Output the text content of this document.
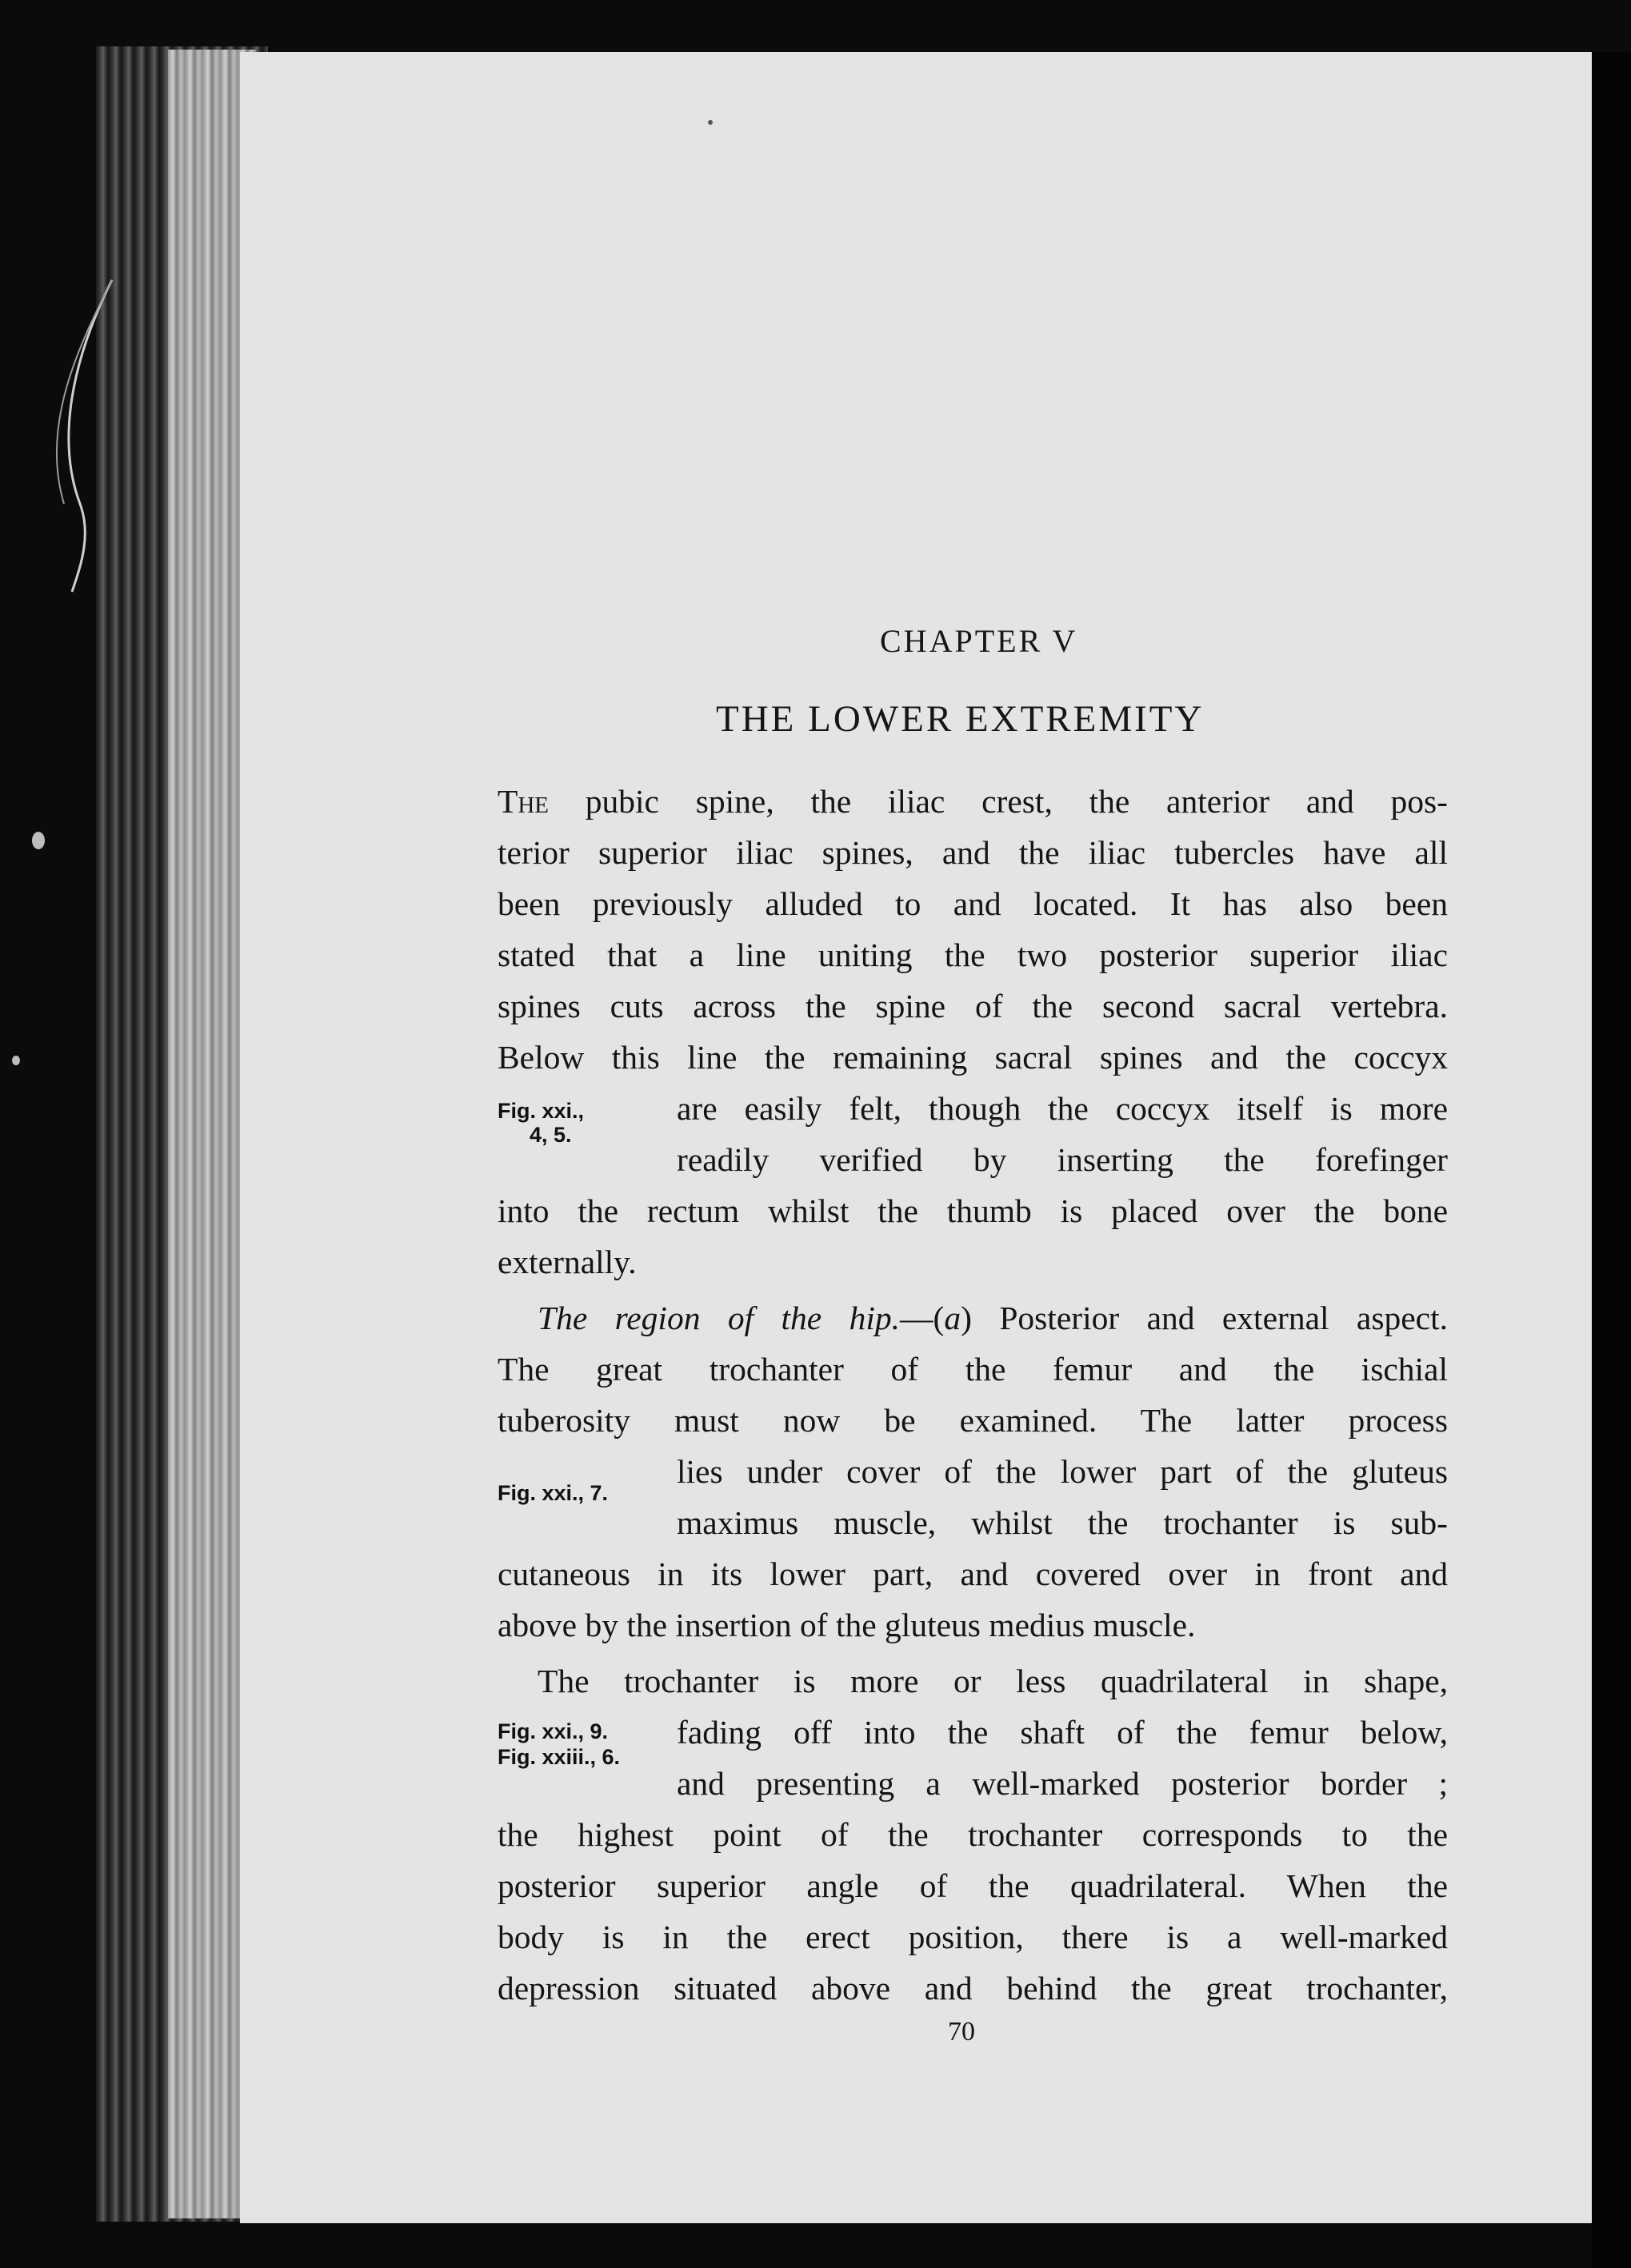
CHAPTER V
THE LOWER EXTREMITY
The pubic spine, the iliac crest, the anterior and pos-
terior superior iliac spines, and the iliac tubercles have all
been previously alluded to and located. It has also been
stated that a line uniting the two posterior superior iliac
spines cuts across the spine of the second sacral vertebra.
Below this line the remaining sacral spines and the coccyx
are easily felt, though the coccyx itself is more
readily verified by inserting the forefinger
into the rectum whilst the thumb is placed over the bone
externally.
The region of the hip.—(a) Posterior and external aspect.
The great trochanter of the femur and the ischial
tuberosity must now be examined. The latter process
lies under cover of the lower part of the gluteus
maximus muscle, whilst the trochanter is sub-
cutaneous in its lower part, and covered over in front and
above by the insertion of the gluteus medius muscle.
The trochanter is more or less quadrilateral in shape,
fading off into the shaft of the femur below,
and presenting a well-marked posterior border ;
the highest point of the trochanter corresponds to the
posterior superior angle of the quadrilateral. When the
body is in the erect position, there is a well-marked
depression situated above and behind the great trochanter,
Fig. xxi.,
4, 5.
Fig. xxi., 7.
Fig. xxi., 9.
Fig. xxiii., 6.
70
